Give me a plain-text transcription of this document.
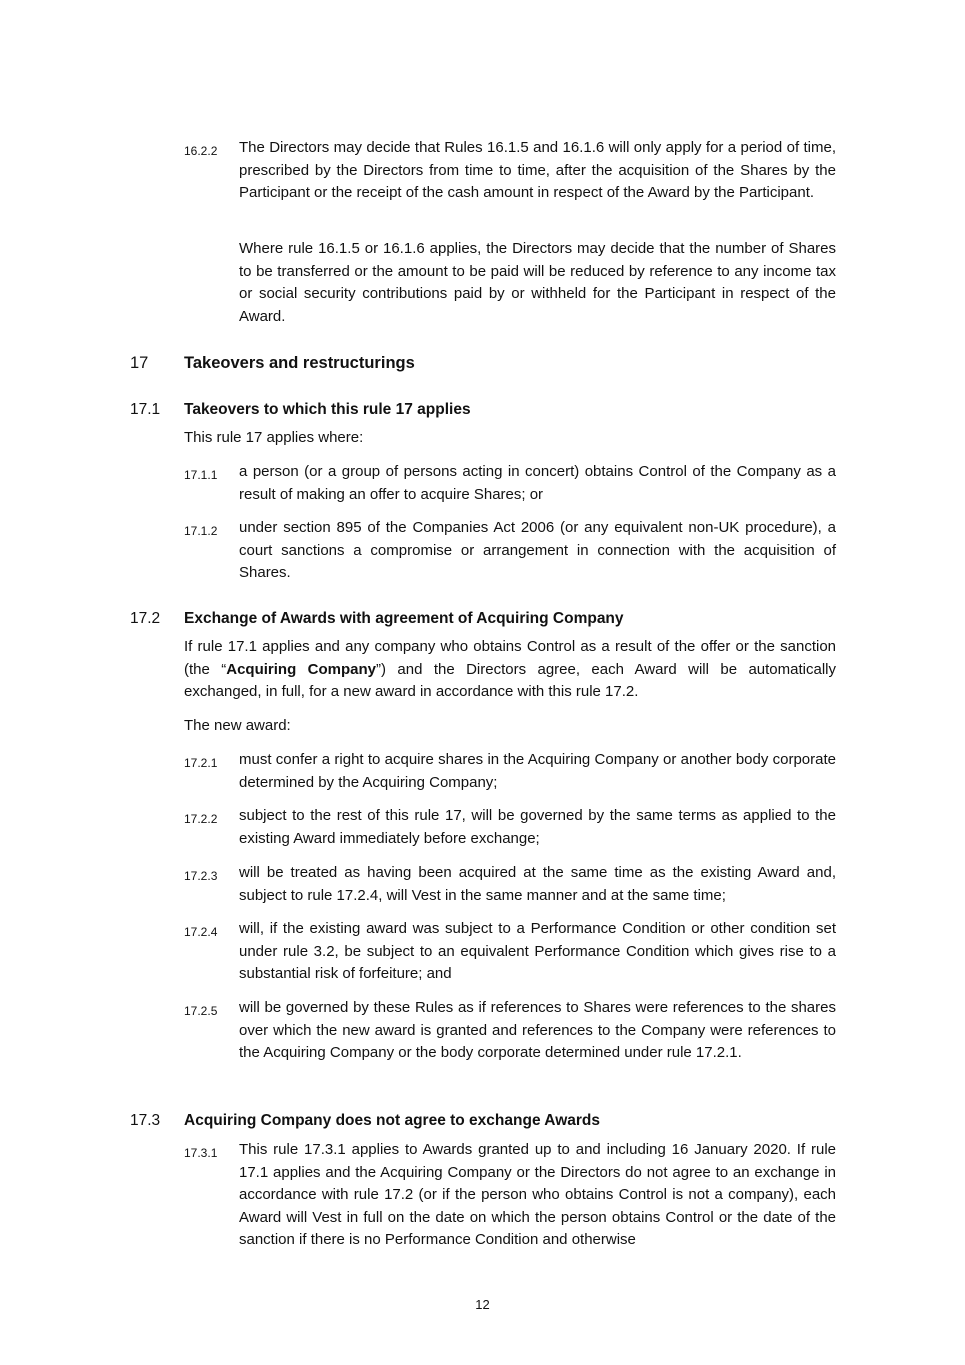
16.2.2 The Directors may decide that Rules 16.1.5 and 16.1.6 will only apply for a period of time, prescribed by the Directors from time to time, after the acquisition of the Shares by the Participant or the receipt of the cash amount in respect of the Award by the Participant.
Where rule 16.1.5 or 16.1.6 applies, the Directors may decide that the number of Shares to be transferred or the amount to be paid will be reduced by reference to any income tax or social security contributions paid by or withheld for the Participant in respect of the Award.
17 Takeovers and restructurings
17.1 Takeovers to which this rule 17 applies
This rule 17 applies where:
17.1.1 a person (or a group of persons acting in concert) obtains Control of the Company as a result of making an offer to acquire Shares; or
17.1.2 under section 895 of the Companies Act 2006 (or any equivalent non-UK procedure), a court sanctions a compromise or arrangement in connection with the acquisition of Shares.
17.2 Exchange of Awards with agreement of Acquiring Company
If rule 17.1 applies and any company who obtains Control as a result of the offer or the sanction (the “Acquiring Company”) and the Directors agree, each Award will be automatically exchanged, in full, for a new award in accordance with this rule 17.2.
The new award:
17.2.1 must confer a right to acquire shares in the Acquiring Company or another body corporate determined by the Acquiring Company;
17.2.2 subject to the rest of this rule 17, will be governed by the same terms as applied to the existing Award immediately before exchange;
17.2.3 will be treated as having been acquired at the same time as the existing Award and, subject to rule 17.2.4, will Vest in the same manner and at the same time;
17.2.4 will, if the existing award was subject to a Performance Condition or other condition set under rule 3.2, be subject to an equivalent Performance Condition which gives rise to a substantial risk of forfeiture; and
17.2.5 will be governed by these Rules as if references to Shares were references to the shares over which the new award is granted and references to the Company were references to the Acquiring Company or the body corporate determined under rule 17.2.1.
17.3 Acquiring Company does not agree to exchange Awards
17.3.1 This rule 17.3.1 applies to Awards granted up to and including 16 January 2020. If rule 17.1 applies and the Acquiring Company or the Directors do not agree to an exchange in accordance with rule 17.2 (or if the person who obtains Control is not a company), each Award will Vest in full on the date on which the person obtains Control or the date of the sanction if there is no Performance Condition and otherwise
12
